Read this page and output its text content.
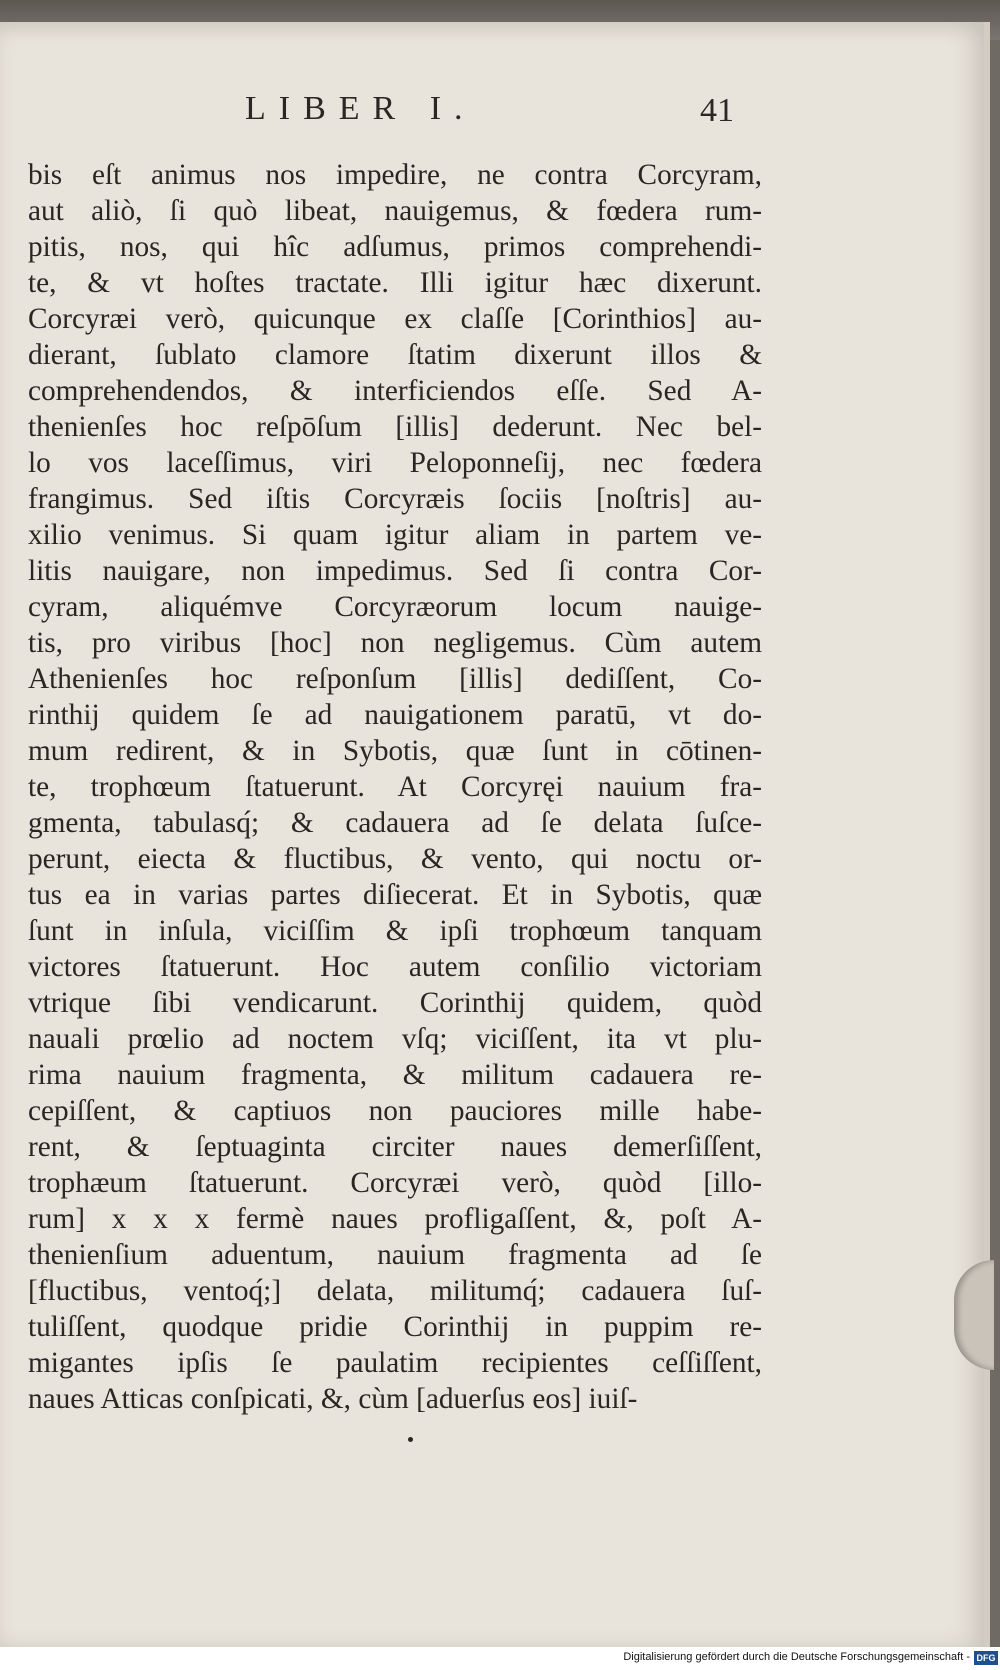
LIBER I.	41
bis eſt animus nos impedire, ne contra Corcyram,
aut aliò, ſi quò libeat, nauigemus, & fœdera rum-
pitis, nos, qui hîc adſumus, primos comprehendi-
te, & vt hoſtes tractate. Illi igitur hæc dixerunt.
Corcyræi verò, quicunque ex claſſe [Corinthios] au-
dierant, ſublato clamore ſtatim dixerunt illos &
comprehendendos, & interficiendos eſſe. Sed A-
thenienſes hoc reſpōſum [illis] dederunt. Nec bel-
lo vos laceſſimus, viri Peloponneſij, nec fœdera
frangimus. Sed iſtis Corcyræis ſociis [noſtris] au-
xilio venimus. Si quam igitur aliam in partem ve-
litis nauigare, non impedimus. Sed ſi contra Cor-
cyram, aliquémve Corcyræorum locum nauige-
tis, pro viribus [hoc] non negligemus. Cùm autem
Athenienſes hoc reſponſum [illis] dediſſent, Co-
rinthij quidem ſe ad nauigationem paratū, vt do-
mum redirent, & in Sybotis, quæ ſunt in cōtinen-
te, trophœum ſtatuerunt. At Corcyręi nauium fra-
gmenta, tabulasq́; & cadauera ad ſe delata ſuſce-
perunt, eiecta & fluctibus, & vento, qui noctu or-
tus ea in varias partes diſiecerat. Et in Sybotis, quæ
ſunt in inſula, viciſſim & ipſi trophœum tanquam
victores ſtatuerunt. Hoc autem conſilio victoriam
vtrique ſibi vendicarunt. Corinthij quidem, quòd
nauali prœlio ad noctem vſq; viciſſent, ita vt plu-
rima nauium fragmenta, & militum cadauera re-
cepiſſent, & captiuos non pauciores mille habe-
rent, & ſeptuaginta circiter naues demerſiſſent,
trophæum ſtatuerunt. Corcyræi verò, quòd [illo-
rum] x x x fermè naues profligaſſent, &, poſt A-
thenienſium aduentum, nauium fragmenta ad ſe
[fluctibus, ventoq́;] delata, militumq́; cadauera ſuſ-
tuliſſent, quodque pridie Corinthij in puppim re-
migantes ipſis ſe paulatim recipientes ceſſiſſent,
naues Atticas conſpicati, &, cùm [aduerſus eos] iuiſ-
Digitalisierung gefördert durch die Deutsche Forschungsgemeinschaft - DFG
